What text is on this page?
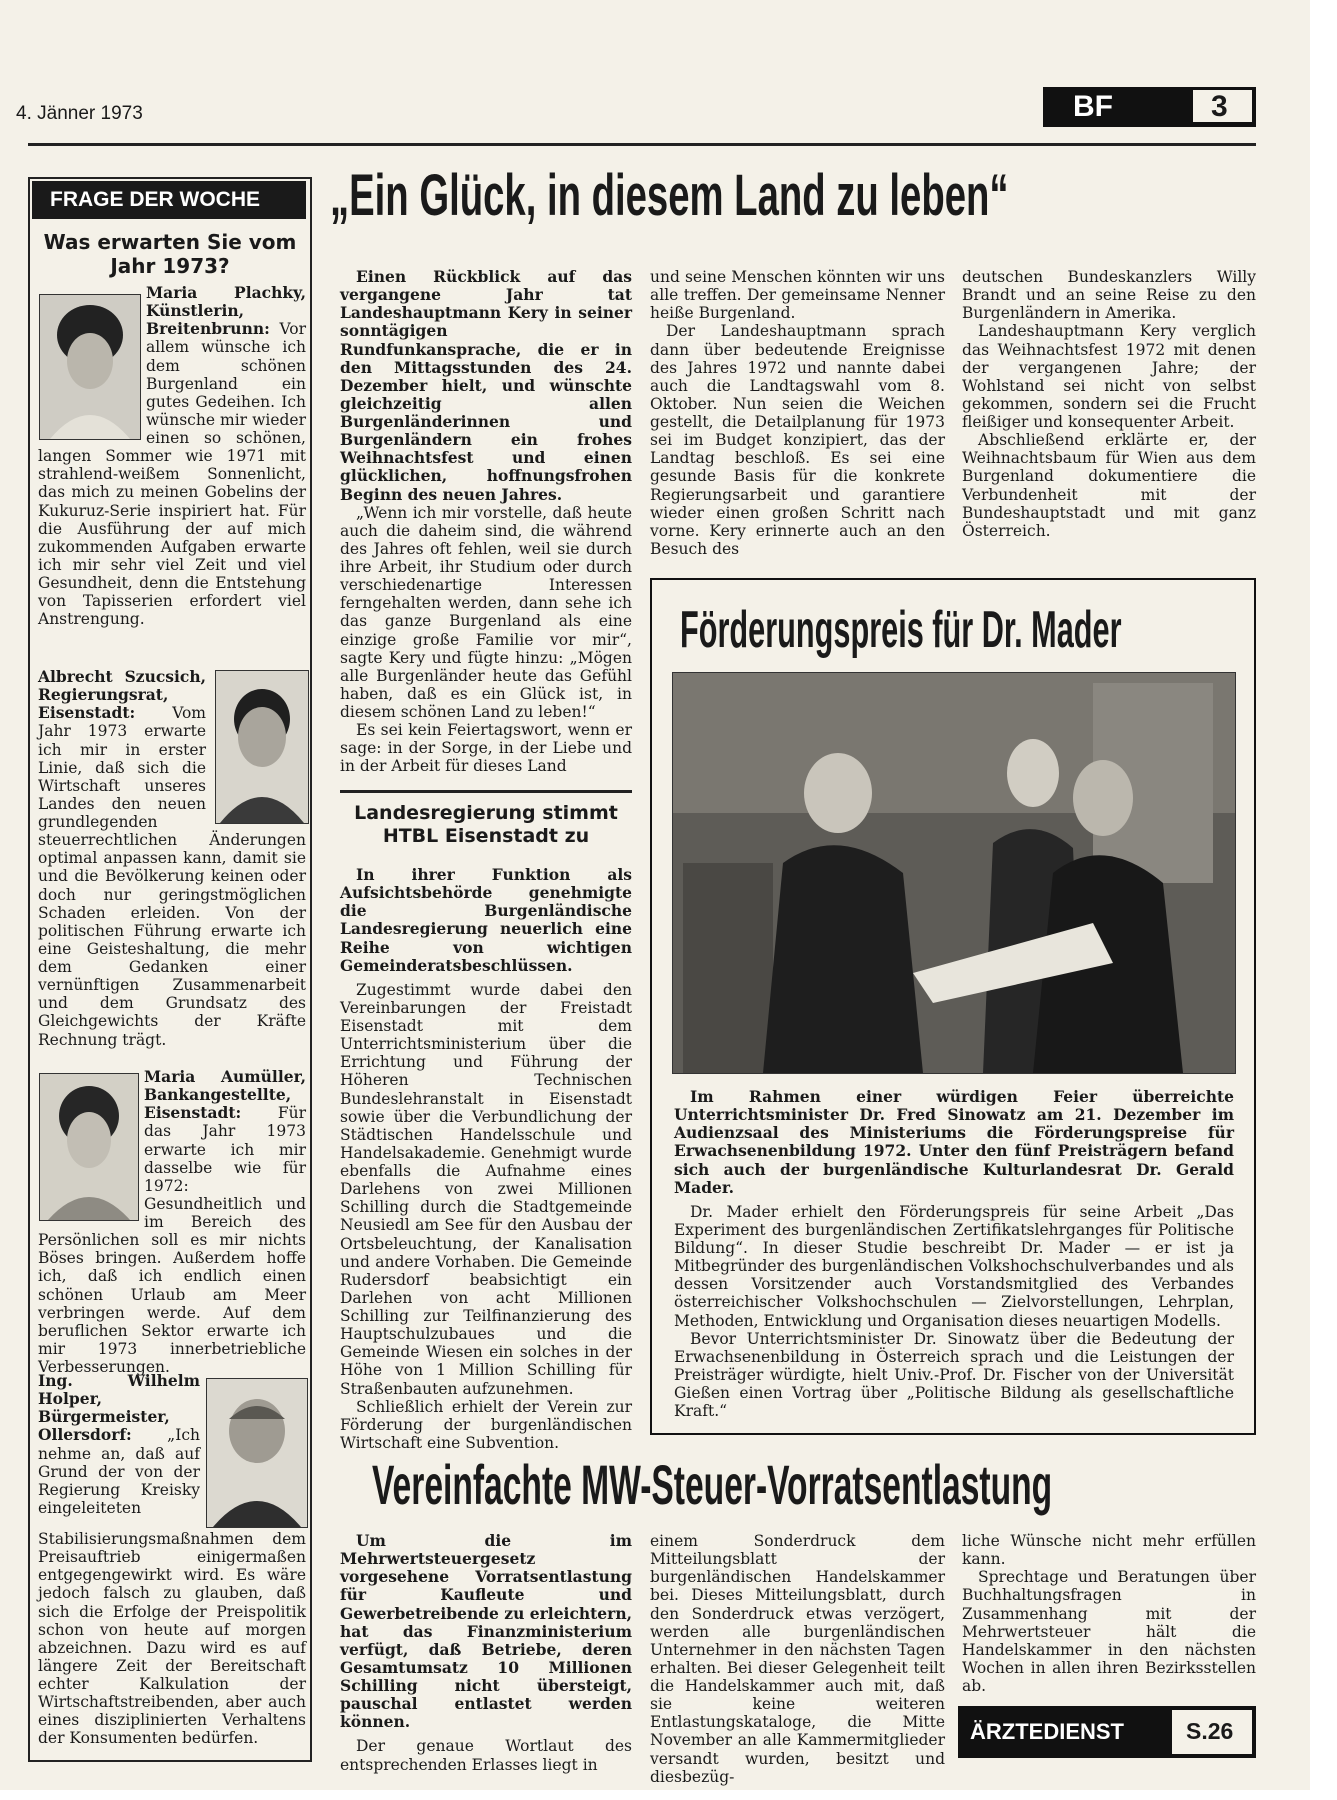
4. Jänner 1973	BF	3
FRAGE DER WOCHE
Was erwarten Sie vom Jahr 1973?

Maria Plachky, Künstlerin, Breitenbrunn: Vor allem wünsche ich dem schönen Burgenland ein gutes Gedeihen. Ich wünsche mir wieder einen so schönen, langen Sommer wie 1971 mit strahlend-weißem Sonnenlicht, das mich zu meinen Gobelins der Kukuruz-Serie inspiriert hat. Für die Ausführung der auf mich zukommenden Aufgaben erwarte ich mir sehr viel Zeit und viel Gesundheit, denn die Entstehung von Tapisserien erfordert viel Anstrengung.

Albrecht Szucsich, Regierungsrat, Eisenstadt: Vom Jahr 1973 erwarte ich mir in erster Linie, daß sich die Wirtschaft unseres Landes den neuen grundlegenden steuerrechtlichen Änderungen optimal anpassen kann, damit sie und die Bevölkerung keinen oder doch nur geringstmöglichen Schaden erleiden. Von der politischen Führung erwarte ich eine Geisteshaltung, die mehr dem Gedanken einer vernünftigen Zusammenarbeit und dem Grundsatz des Gleichgewichts der Kräfte Rechnung trägt.

Maria Aumüller, Bankangestellte, Eisenstadt: Für das Jahr 1973 erwarte ich mir dasselbe wie für 1972: Gesundheitlich und im Bereich des Persönlichen soll es mir nichts Böses bringen. Außerdem hoffe ich, daß ich endlich einen schönen Urlaub am Meer verbringen werde. Auf dem beruflichen Sektor erwarte ich mir 1973 innerbetriebliche Verbesserungen.

Ing. Wilhelm Holper, Bürgermeister, Ollersdorf: „Ich nehme an, daß auf Grund der von der Regierung Kreisky eingeleiteten Stabilisierungsmaßnahmen dem Preisauftrieb einigermaßen entgegengewirkt wird. Es wäre jedoch falsch zu glauben, daß sich die Erfolge der Preispolitik schon von heute auf morgen abzeichnen. Dazu wird es auf längere Zeit der Bereitschaft echter Kalkulation der Wirtschaftstreibenden, aber auch eines disziplinierten Verhaltens der Konsumenten bedürfen.

„Ein Glück, in diesem Land zu leben“

Einen Rückblick auf das vergangene Jahr tat Landeshauptmann Kery in seiner sonntägigen Rundfunkansprache, die er in den Mittagsstunden des 24. Dezember hielt, und wünschte gleichzeitig allen Burgenländerinnen und Burgenländern ein frohes Weihnachtsfest und einen glücklichen, hoffnungsfrohen Beginn des neuen Jahres.

„Wenn ich mir vorstelle, daß heute auch die daheim sind, die während des Jahres oft fehlen, weil sie durch ihre Arbeit, ihr Studium oder durch verschiedenartige Interessen ferngehalten werden, dann sehe ich das ganze Burgenland als eine einzige große Familie vor mir“, sagte Kery und fügte hinzu: „Mögen alle Burgenländer heute das Gefühl haben, daß es ein Glück ist, in diesem schönen Land zu leben!“

Es sei kein Feiertagswort, wenn er sage: in der Sorge, in der Liebe und in der Arbeit für dieses Land

und seine Menschen könnten wir uns alle treffen. Der gemeinsame Nenner heiße Burgenland.

Der Landeshauptmann sprach dann über bedeutende Ereignisse des Jahres 1972 und nannte dabei auch die Landtagswahl vom 8. Oktober. Nun seien die Weichen gestellt, die Detailplanung für 1973 sei im Budget konzipiert, das der Landtag beschloß. Es sei eine gesunde Basis für die konkrete Regierungsarbeit und garantiere wieder einen großen Schritt nach vorne. Kery erinnerte auch an den Besuch des

deutschen Bundeskanzlers Willy Brandt und an seine Reise zu den Burgenländern in Amerika.

Landeshauptmann Kery verglich das Weihnachtsfest 1972 mit denen der vergangenen Jahre; der Wohlstand sei nicht von selbst gekommen, sondern sei die Frucht fleißiger und konsequenter Arbeit.

Abschließend erklärte er, der Weihnachtsbaum für Wien aus dem Burgenland dokumentiere die Verbundenheit mit der Bundeshauptstadt und mit ganz Österreich.

Landesregierung stimmt
HTBL Eisenstadt zu

In ihrer Funktion als Aufsichtsbehörde genehmigte die Burgenländische Landesregierung neuerlich eine Reihe von wichtigen Gemeinderatsbeschlüssen.

Zugestimmt wurde dabei den Vereinbarungen der Freistadt Eisenstadt mit dem Unterrichtsministerium über die Errichtung und Führung der Höheren Technischen Bundeslehranstalt in Eisenstadt sowie über die Verbundlichung der Städtischen Handelsschule und Handelsakademie. Genehmigt wurde ebenfalls die Aufnahme eines Darlehens von zwei Millionen Schilling durch die Stadtgemeinde Neusiedl am See für den Ausbau der Ortsbeleuchtung, der Kanalisation und andere Vorhaben. Die Gemeinde Rudersdorf beabsichtigt ein Darlehen von acht Millionen Schilling zur Teilfinanzierung des Hauptschulzubaues und die Gemeinde Wiesen ein solches in der Höhe von 1 Million Schilling für Straßenbauten aufzunehmen.

Schließlich erhielt der Verein zur Förderung der burgenländischen Wirtschaft eine Subvention.

Förderungspreis für Dr. Mader

Im Rahmen einer würdigen Feier überreichte Unterrichtsminister Dr. Fred Sinowatz am 21. Dezember im Audienzsaal des Ministeriums die Förderungspreise für Erwachsenenbildung 1972. Unter den fünf Preisträgern befand sich auch der burgenländische Kulturlandesrat Dr. Gerald Mader.

Dr. Mader erhielt den Förderungspreis für seine Arbeit „Das Experiment des burgenländischen Zertifikatslehrganges für Politische Bildung“. In dieser Studie beschreibt Dr. Mader — er ist ja Mitbegründer des burgenländischen Volkshochschulverbandes und als dessen Vorsitzender auch Vorstandsmitglied des Verbandes österreichischer Volkshochschulen — Zielvorstellungen, Lehrplan, Methoden, Entwicklung und Organisation dieses neuartigen Modells.

Bevor Unterrichtsminister Dr. Sinowatz über die Bedeutung der Erwachsenenbildung in Österreich sprach und die Leistungen der Preisträger würdigte, hielt Univ.-Prof. Dr. Fischer von der Universität Gießen einen Vortrag über „Politische Bildung als gesellschaftliche Kraft.“

Vereinfachte MW-Steuer-Vorratsentlastung

Um die im Mehrwertsteuergesetz vorgesehene Vorratsentlastung für Kaufleute und Gewerbetreibende zu erleichtern, hat das Finanzministerium verfügt, daß Betriebe, deren Gesamtumsatz 10 Millionen Schilling nicht übersteigt, pauschal entlastet werden können.

Der genaue Wortlaut des entsprechenden Erlasses liegt in

einem Sonderdruck dem Mitteilungsblatt der burgenländischen Handelskammer bei. Dieses Mitteilungsblatt, durch den Sonderdruck etwas verzögert, werden alle burgenländischen Unternehmer in den nächsten Tagen erhalten. Bei dieser Gelegenheit teilt die Handelskammer auch mit, daß sie keine weiteren Entlastungskataloge, die Mitte November an alle Kammermitglieder versandt wurden, besitzt und diesbezüg-

liche Wünsche nicht mehr erfüllen kann.

Sprechtage und Beratungen über Buchhaltungsfragen in Zusammenhang mit der Mehrwertsteuer hält die Handelskammer in den nächsten Wochen in allen ihren Bezirksstellen ab.

ÄRZTEDIENST	S.26
